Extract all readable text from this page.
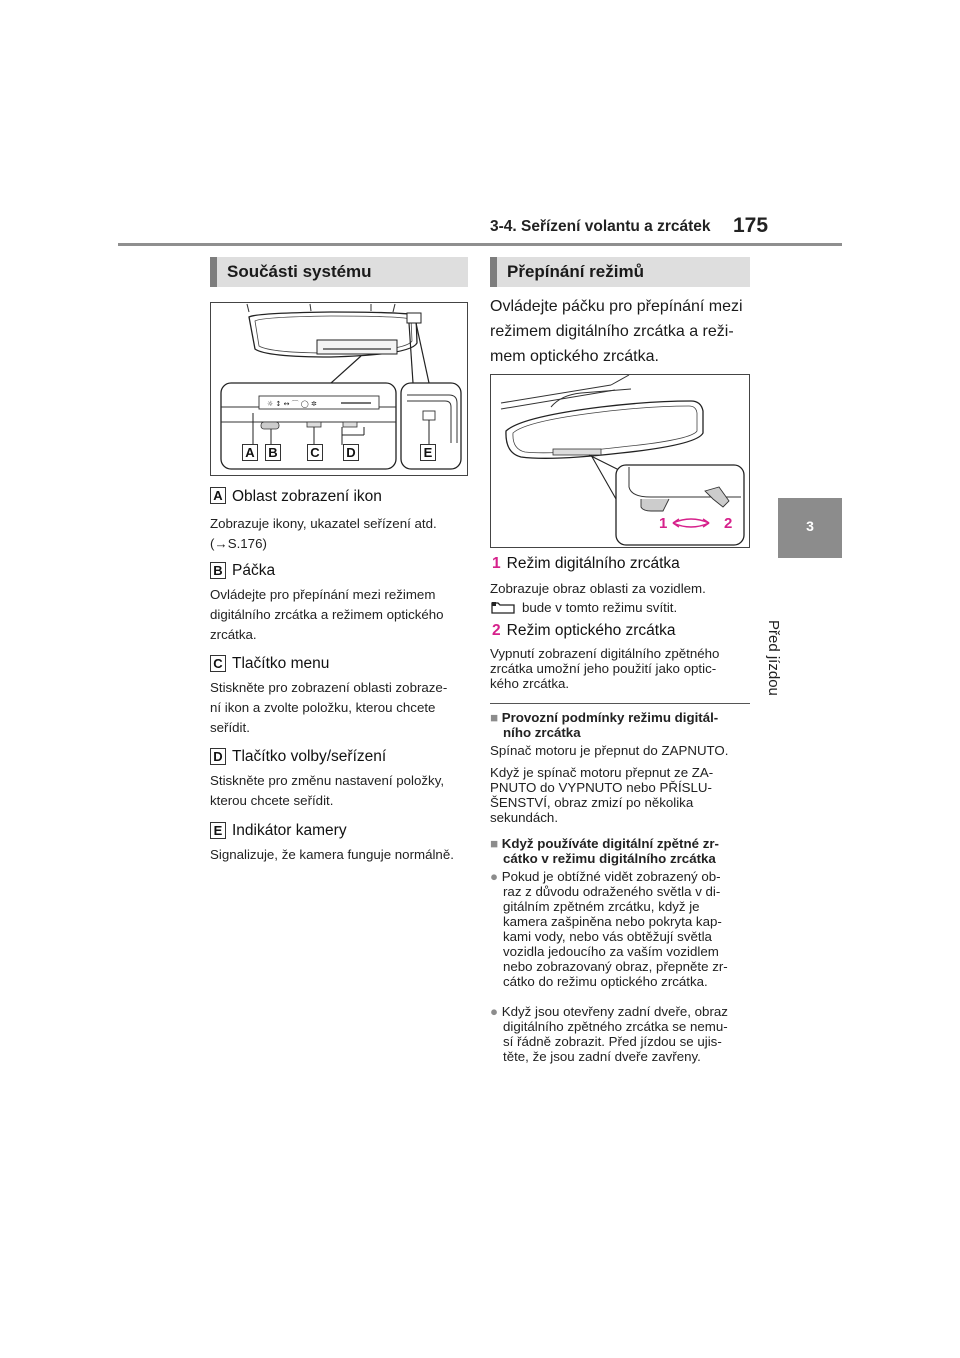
3-4. Seřízení volantu a zrcátek 175
3
Před jízdou
Součásti systému
☼ ↕ ↔ ⌒ ◯ ✲
A B	C D	E
A Oblast zobrazení ikon
Zobrazuje ikony, ukazatel seřízení atd.
(→S.176)
B Páčka
Ovládejte pro přepínání mezi režimem
digitálního zrcátka a režimem optického
zrcátka.
C Tlačítko menu
Stiskněte pro zobrazení oblasti zobraze-
ní ikon a zvolte položku, kterou chcete
seřídit.
D Tlačítko volby/seřízení
Stiskněte pro změnu nastavení položky,
kterou chcete seřídit.
E Indikátor kamery
Signalizuje, že kamera funguje normálně.
Přepínání režimů
Ovládejte páčku pro přepínání mezi
režimem digitálního zrcátka a reži-
mem optického zrcátka.
1	2
1 Režim digitálního zrcátka
Zobrazuje obraz oblasti za vozidlem.
bude v tomto režimu svítit.
2 Režim optického zrcátka
Vypnutí zobrazení digitálního zpětného
zrcátka umožní jeho použití jako optic-
kého zrcátka.
■ Provozní podmínky režimu digitál-
ního zrcátka
Spínač motoru je přepnut do ZAPNUTO.
Když je spínač motoru přepnut ze ZA-
PNUTO do VYPNUTO nebo PŘÍSLU-
ŠENSTVÍ, obraz zmizí po několika
sekundách.
■ Když používáte digitální zpětné zr-
cátko v režimu digitálního zrcátka
● Pokud je obtížné vidět zobrazený ob-
raz z důvodu odraženého světla v di-
gitálním zpětném zrcátku, když je
kamera zašpiněna nebo pokryta kap-
kami vody, nebo vás obtěžují světla
vozidla jedoucího za vaším vozidlem
nebo zobrazovaný obraz, přepněte zr-
cátko do režimu optického zrcátka.
● Když jsou otevřeny zadní dveře, obraz
digitálního zpětného zrcátka se nemu-
sí řádně zobrazit. Před jízdou se ujis-
těte, že jsou zadní dveře zavřeny.
